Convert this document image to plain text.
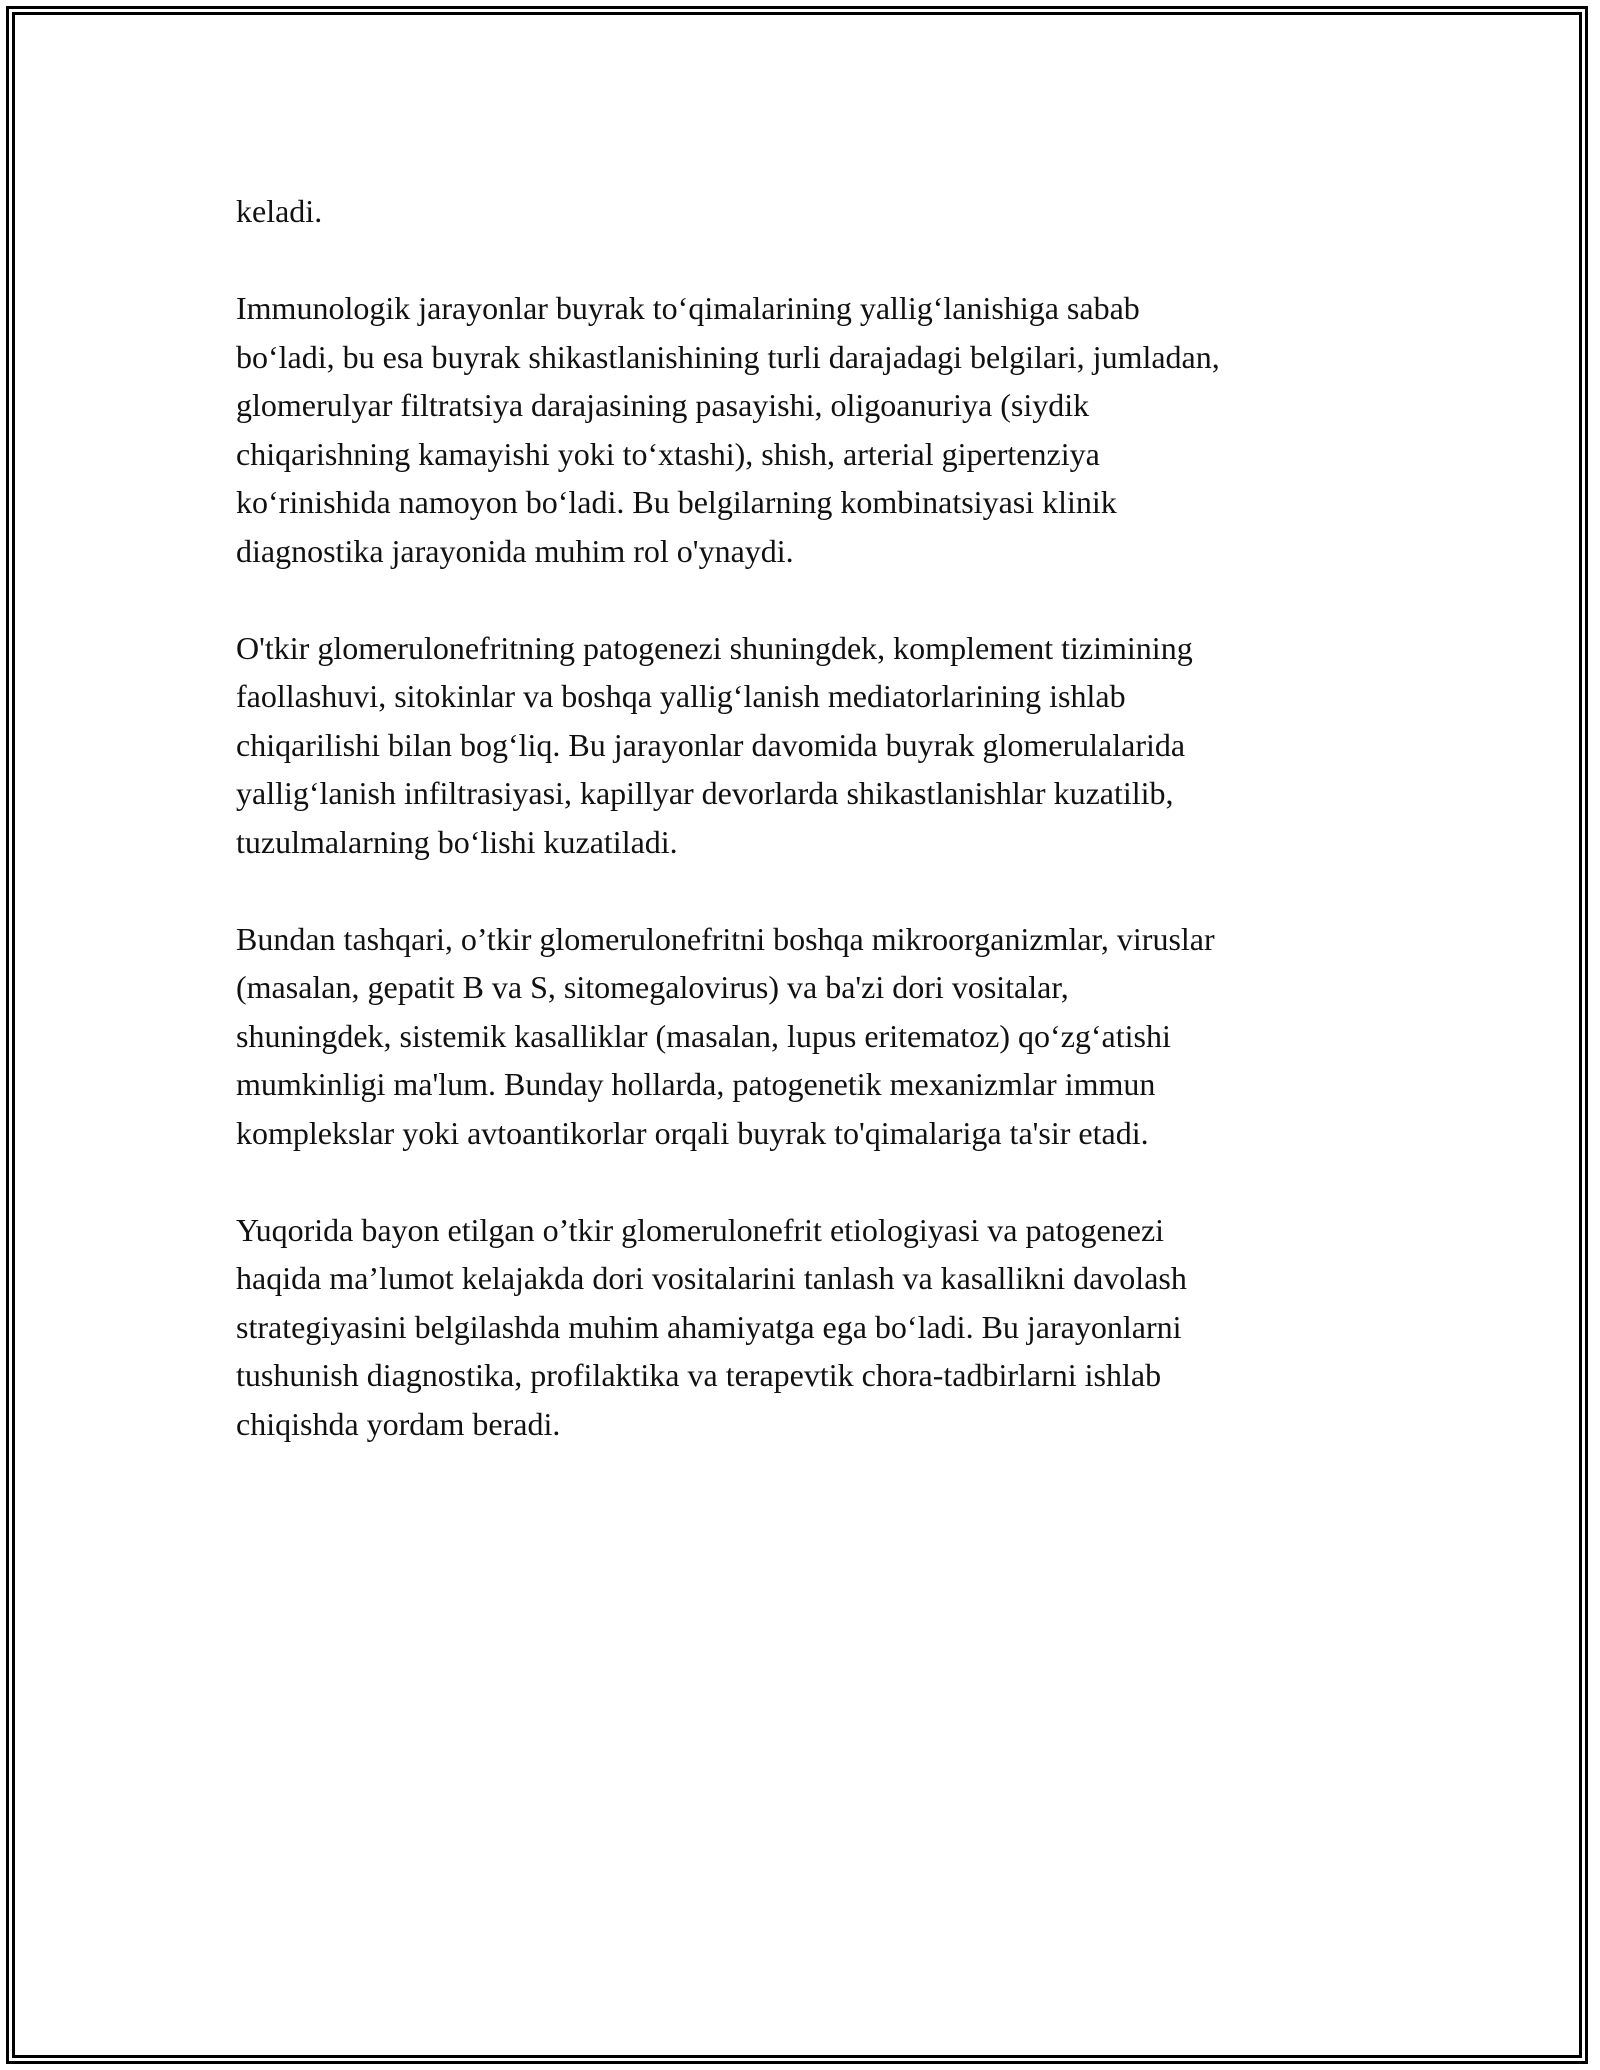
keladi.

Immunologik jarayonlar buyrak to‘qimalarining yallig‘lanishiga sabab
bo‘ladi, bu esa buyrak shikastlanishining turli darajadagi belgilari, jumladan,
glomerulyar filtratsiya darajasining pasayishi, oligoanuriya (siydik
chiqarishning kamayishi yoki to‘xtashi), shish, arterial gipertenziya
ko‘rinishida namoyon bo‘ladi. Bu belgilarning kombinatsiyasi klinik
diagnostika jarayonida muhim rol o'ynaydi.

O'tkir glomerulonefritning patogenezi shuningdek, komplement tizimining
faollashuvi, sitokinlar va boshqa yallig‘lanish mediatorlarining ishlab
chiqarilishi bilan bog‘liq. Bu jarayonlar davomida buyrak glomerulalarida
yallig‘lanish infiltrasiyasi, kapillyar devorlarda shikastlanishlar kuzatilib,
tuzulmalarning bo‘lishi kuzatiladi.

Bundan tashqari, o’tkir glomerulonefritni boshqa mikroorganizmlar, viruslar
(masalan, gepatit B va S, sitomegalovirus) va ba'zi dori vositalar,
shuningdek, sistemik kasalliklar (masalan, lupus eritematoz) qo‘zg‘atishi
mumkinligi ma'lum. Bunday hollarda, patogenetik mexanizmlar immun
komplekslar yoki avtoantikorlar orqali buyrak to'qimalariga ta'sir etadi.

Yuqorida bayon etilgan o’tkir glomerulonefrit etiologiyasi va patogenezi
haqida ma’lumot kelajakda dori vositalarini tanlash va kasallikni davolash
strategiyasini belgilashda muhim ahamiyatga ega bo‘ladi. Bu jarayonlarni
tushunish diagnostika, profilaktika va terapevtik chora-tadbirlarni ishlab
chiqishda yordam beradi.
